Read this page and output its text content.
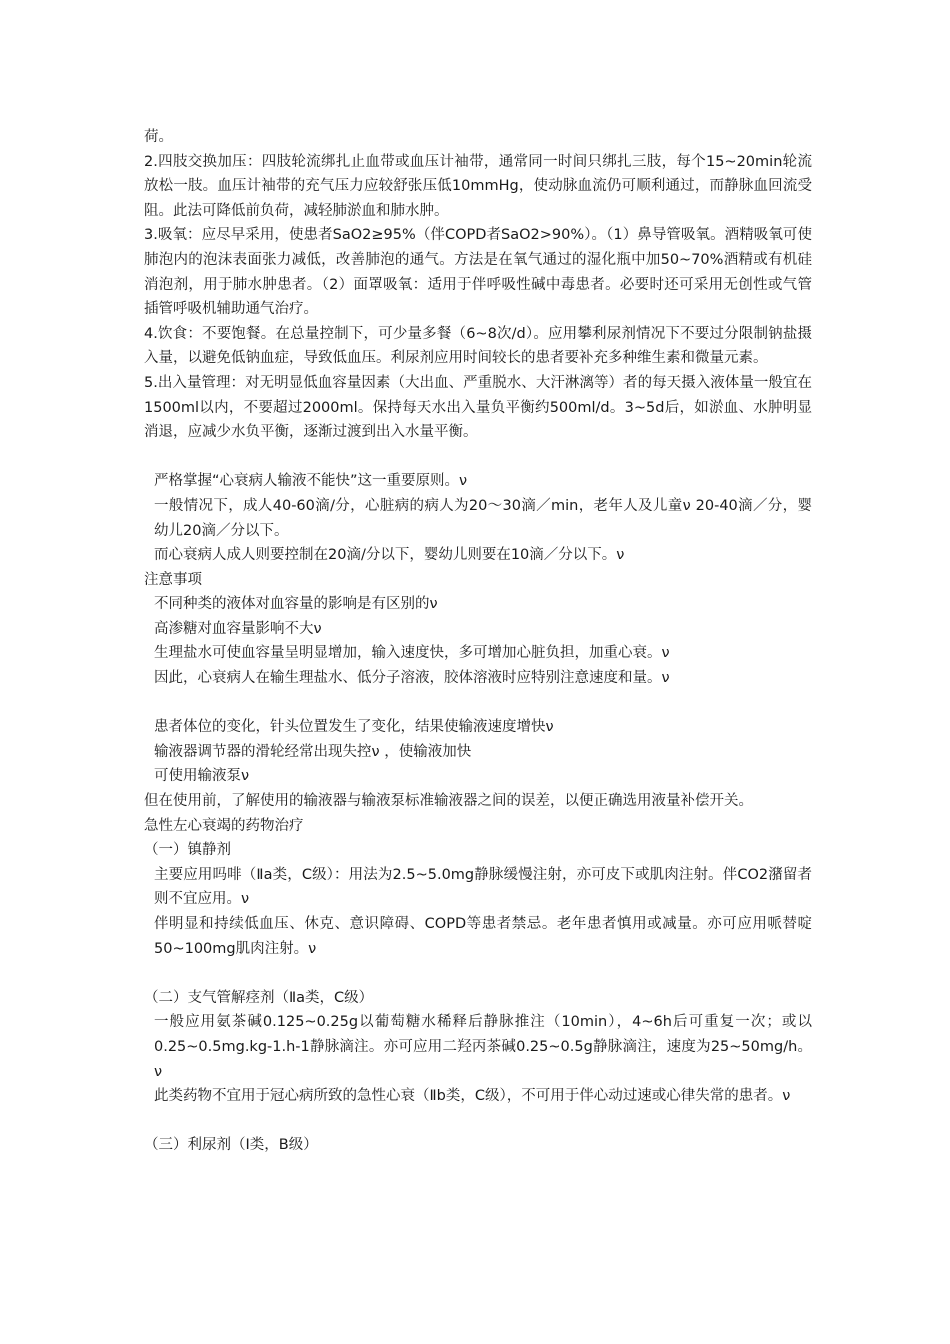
荷。

2.四肢交换加压：四肢轮流绑扎止血带或血压计袖带，通常同一时间只绑扎三肢，每个15~20min轮流放松一肢。血压计袖带的充气压力应较舒张压低10mmHg，使动脉血流仍可顺利通过，而静脉血回流受阻。此法可降低前负荷，减轻肺淤血和肺水肿。

3.吸氧：应尽早采用，使患者SaO2≥95%（伴COPD者SaO2>90%）。（1）鼻导管吸氧。酒精吸氧可使肺泡内的泡沫表面张力减低，改善肺泡的通气。方法是在氧气通过的湿化瓶中加50~70%酒精或有机硅消泡剂，用于肺水肿患者。（2）面罩吸氧：适用于伴呼吸性碱中毒患者。必要时还可采用无创性或气管插管呼吸机辅助通气治疗。

4.饮食：不要饱餐。在总量控制下，可少量多餐（6~8次/d）。应用攀利尿剂情况下不要过分限制钠盐摄入量，以避免低钠血症，导致低血压。利尿剂应用时间较长的患者要补充多种维生素和微量元素。

5.出入量管理：对无明显低血容量因素（大出血、严重脱水、大汗淋漓等）者的每天摄入液体量一般宜在1500ml以内，不要超过2000ml。保持每天水出入量负平衡约500ml/d。3~5d后，如淤血、水肿明显消退，应减少水负平衡，逐渐过渡到出入水量平衡。

严格掌握“心衰病人输液不能快”这一重要原则。ν

一般情况下，成人40-60滴/分，心脏病的病人为20～30滴／min，老年人及儿童ν 20-40滴／分，婴幼儿20滴／分以下。

而心衰病人成人则要控制在20滴/分以下，婴幼儿则要在10滴／分以下。ν

注意事项

不同种类的液体对血容量的影响是有区别的ν

高渗糖对血容量影响不大ν

生理盐水可使血容量呈明显增加，输入速度快，多可增加心脏负担，加重心衰。ν

因此，心衰病人在输生理盐水、低分子溶液，胶体溶液时应特别注意速度和量。ν

患者体位的变化，针头位置发生了变化，结果使输液速度增快ν

输液器调节器的滑轮经常出现失控ν ，使输液加快

可使用输液泵ν

但在使用前，了解使用的输液器与输液泵标准输液器之间的误差，以便正确选用液量补偿开关。

急性左心衰竭的药物治疗

（一）镇静剂

主要应用吗啡（Ⅱa类，C级）：用法为2.5~5.0mg静脉缓慢注射，亦可皮下或肌肉注射。伴CO2潴留者则不宜应用。ν

伴明显和持续低血压、休克、意识障碍、COPD等患者禁忌。老年患者慎用或减量。亦可应用哌替啶50~100mg肌肉注射。ν

（二）支气管解痉剂（Ⅱa类，C级）

一般应用氨茶碱0.125~0.25g以葡萄糖水稀释后静脉推注（10min），4~6h后可重复一次；或以0.25~0.5mg.kg-1.h-1静脉滴注。亦可应用二羟丙茶碱0.25~0.5g静脉滴注，速度为25~50mg/h。ν

此类药物不宜用于冠心病所致的急性心衰（Ⅱb类，C级），不可用于伴心动过速或心律失常的患者。ν

（三）利尿剂（Ⅰ类，B级）
